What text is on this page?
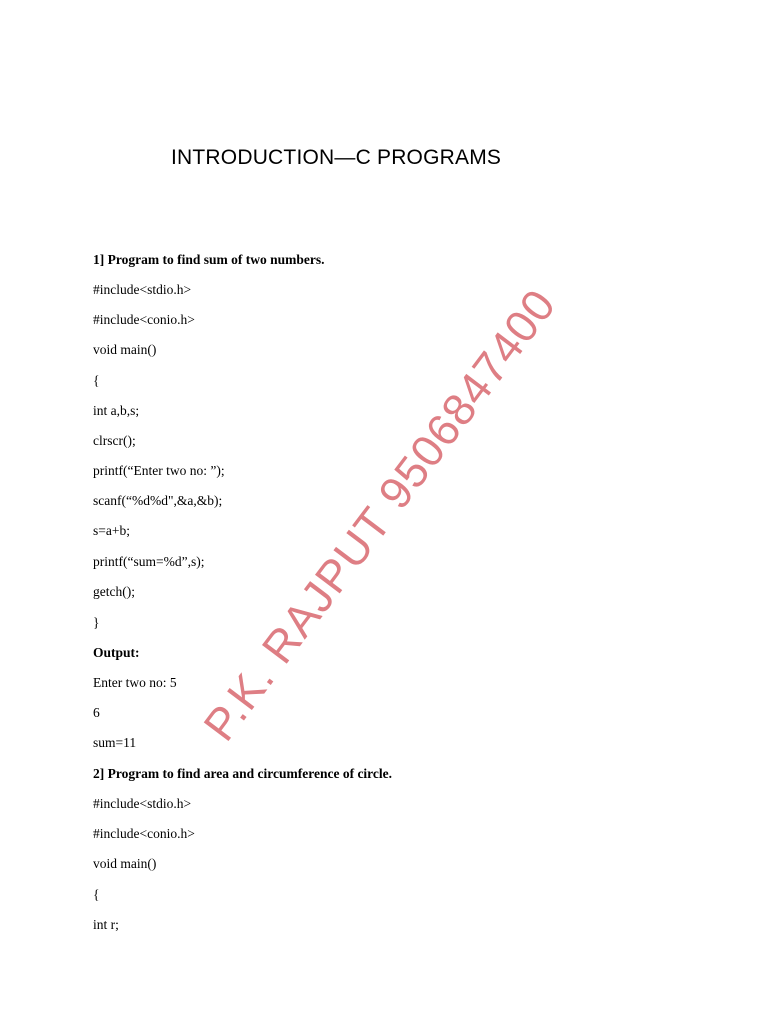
INTRODUCTION—C PROGRAMS
1] Program to find sum of two numbers.
#include<stdio.h>
#include<conio.h>
void main()
{
int a,b,s;
clrscr();
printf(“Enter two no: ”);
scanf(“%d%d",&a,&b);
s=a+b;
printf(“sum=%d”,s);
getch();
}
Output:
Enter two no: 5
6
sum=11
2] Program to find area and circumference of circle.
#include<stdio.h>
#include<conio.h>
void main()
{
int r;
P.K. RAJPUT 9506847400
